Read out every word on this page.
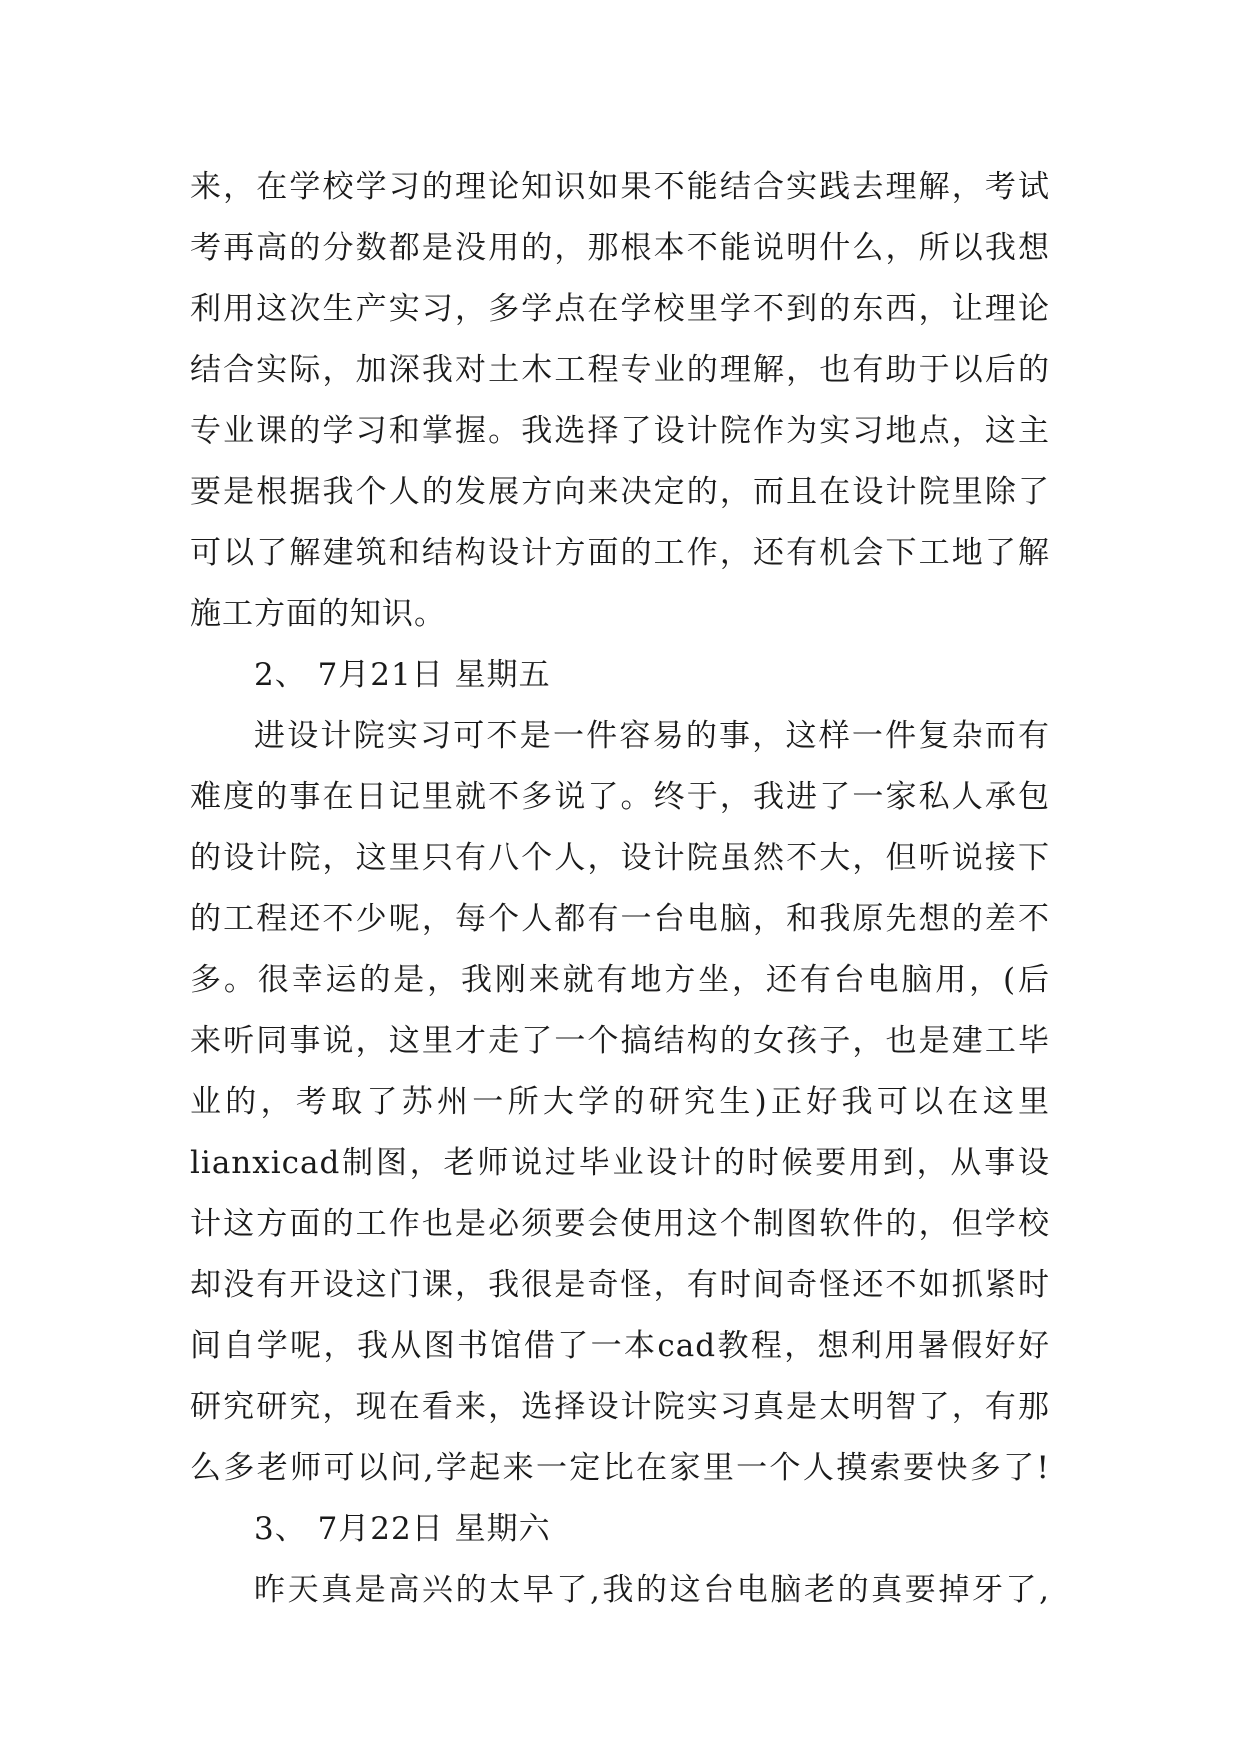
来，在学校学习的理论知识如果不能结合实践去理解，考试
考再高的分数都是没用的，那根本不能说明什么，所以我想
利用这次生产实习，多学点在学校里学不到的东西，让理论
结合实际，加深我对土木工程专业的理解，也有助于以后的
专业课的学习和掌握。我选择了设计院作为实习地点，这主
要是根据我个人的发展方向来决定的，而且在设计院里除了
可以了解建筑和结构设计方面的工作，还有机会下工地了解
施工方面的知识。
2、 7月21日 星期五
进设计院实习可不是一件容易的事，这样一件复杂而有
难度的事在日记里就不多说了。终于，我进了一家私人承包
的设计院，这里只有八个人，设计院虽然不大，但听说接下
的工程还不少呢，每个人都有一台电脑，和我原先想的差不
多。很幸运的是，我刚来就有地方坐，还有台电脑用，(后
来听同事说，这里才走了一个搞结构的女孩子，也是建工毕
业的，考取了苏州一所大学的研究生)正好我可以在这里
lianxicad制图，老师说过毕业设计的时候要用到，从事设
计这方面的工作也是必须要会使用这个制图软件的，但学校
却没有开设这门课，我很是奇怪，有时间奇怪还不如抓紧时
间自学呢，我从图书馆借了一本cad教程，想利用暑假好好
研究研究，现在看来，选择设计院实习真是太明智了，有那
么多老师可以问,学起来一定比在家里一个人摸索要快多了!
3、 7月22日 星期六
昨天真是高兴的太早了,我的这台电脑老的真要掉牙了,
